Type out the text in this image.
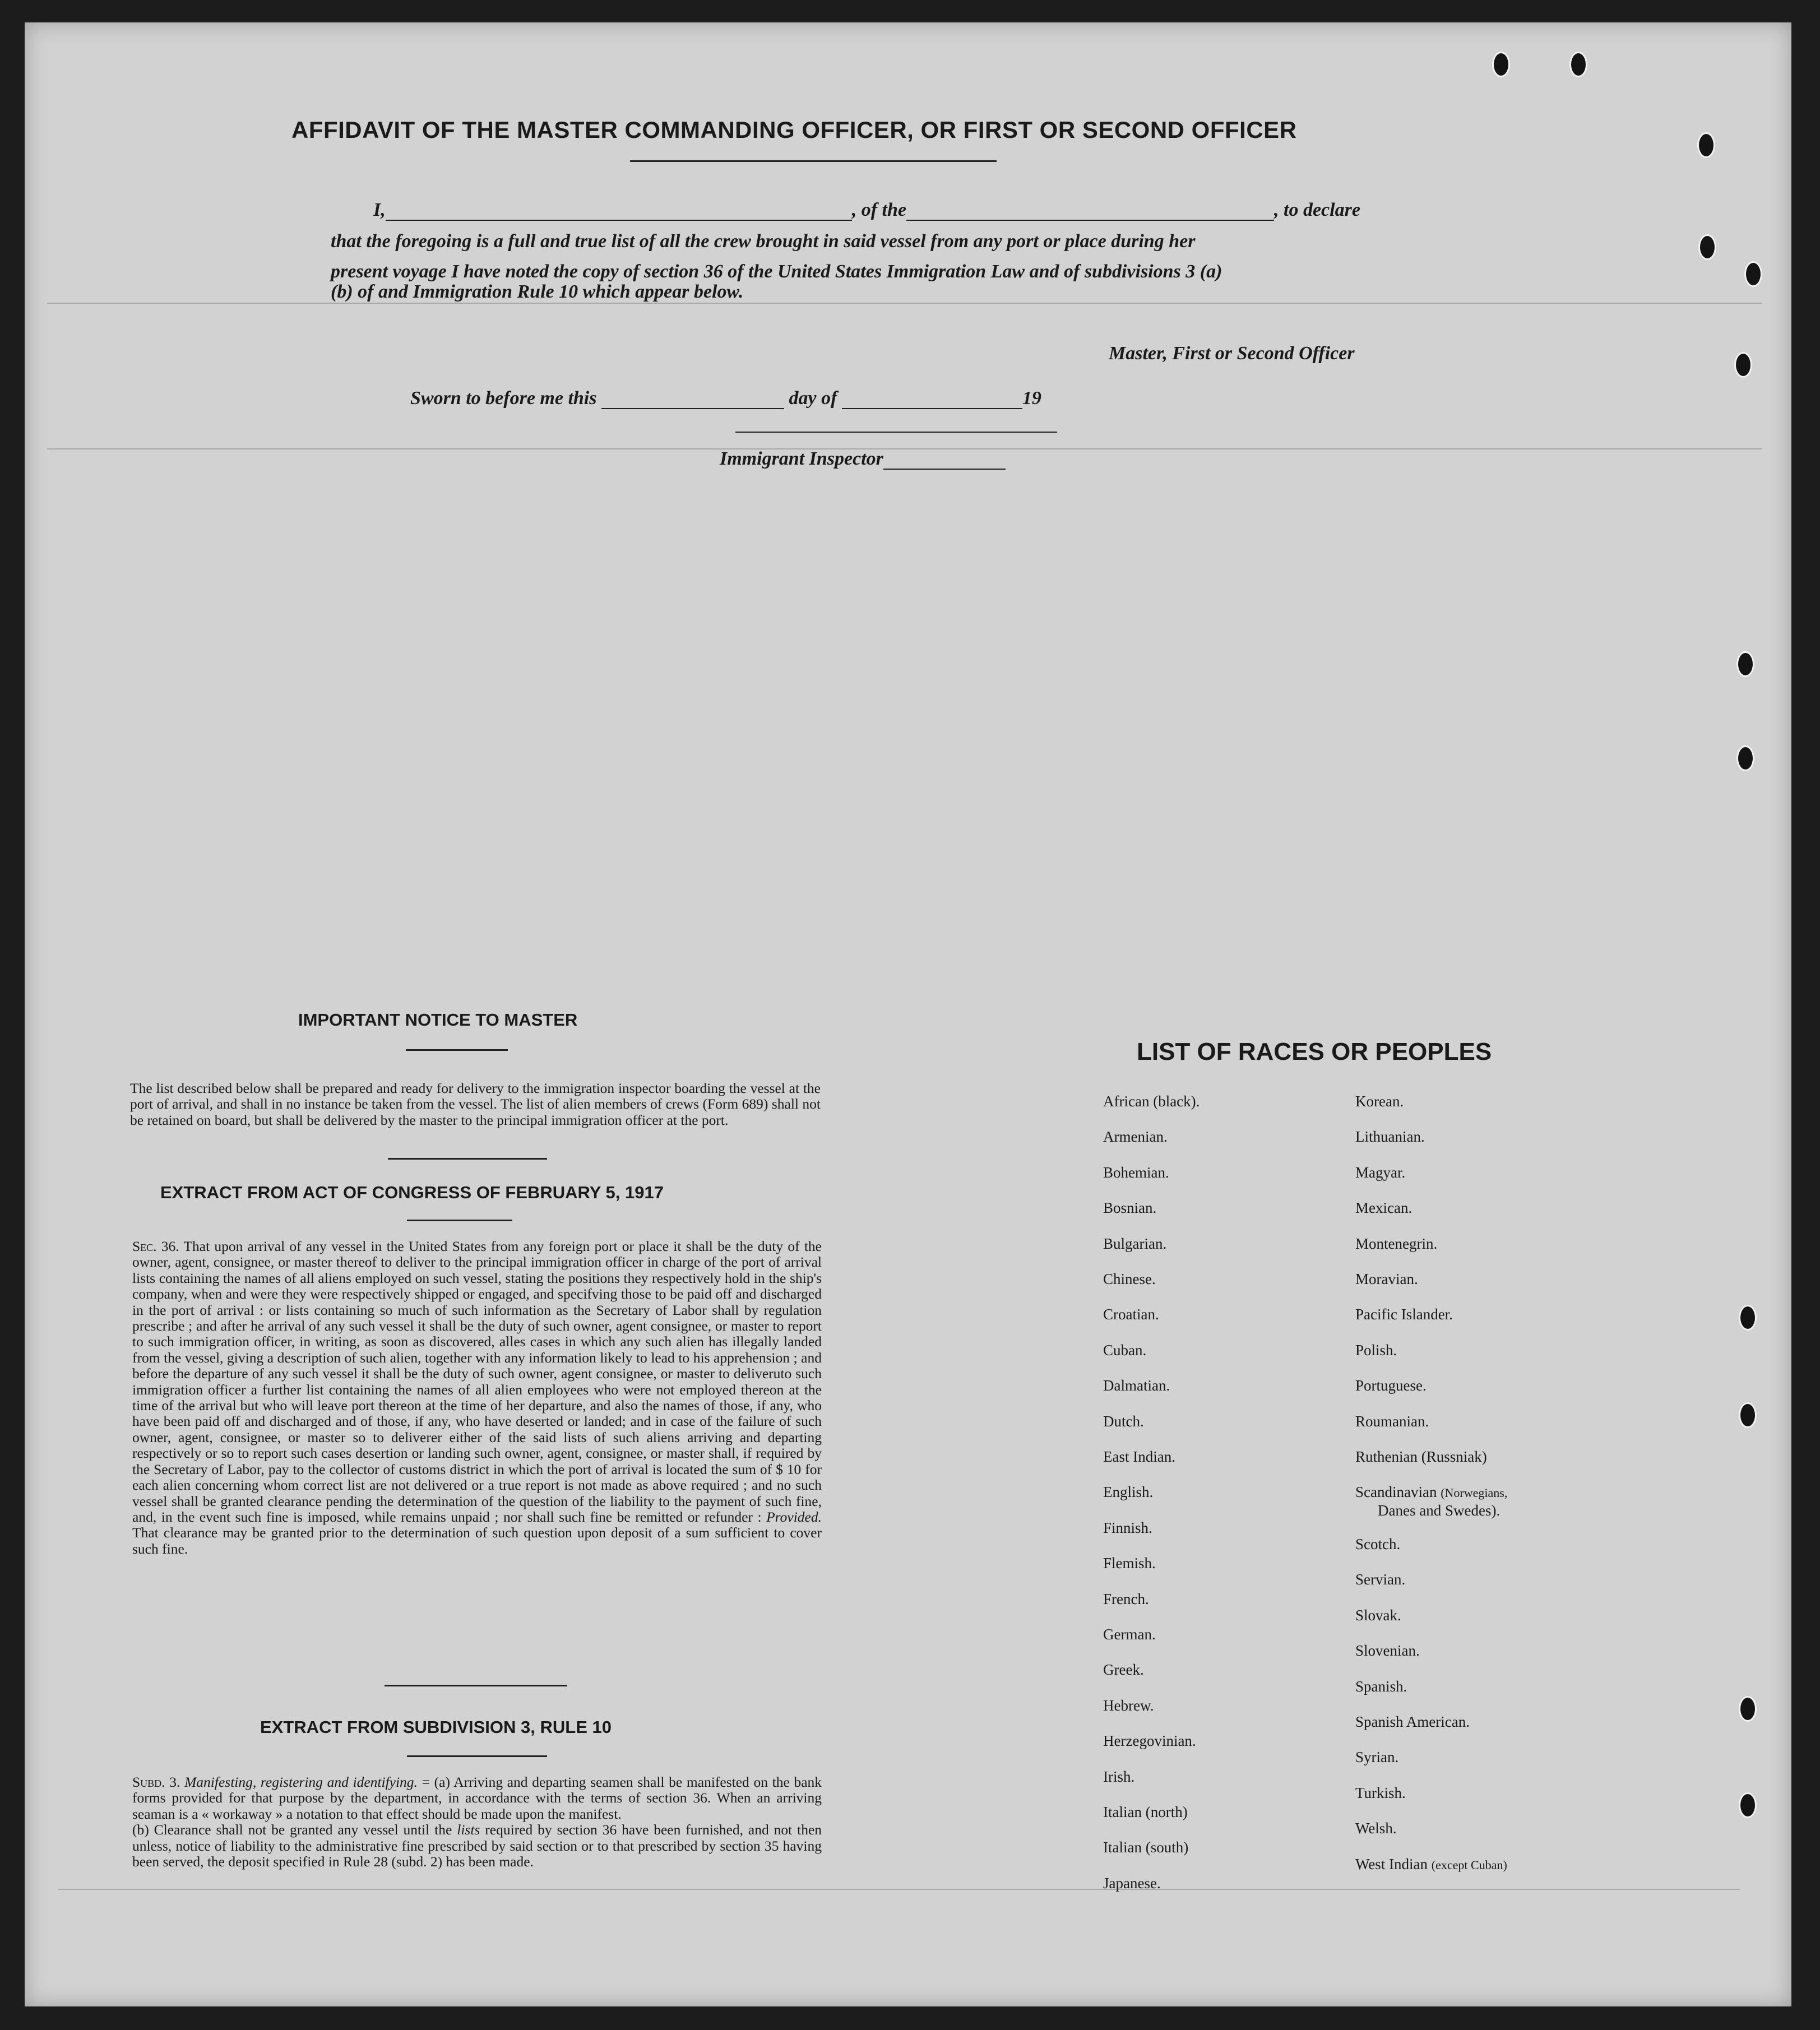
AFFIDAVIT OF THE MASTER COMMANDING OFFICER, OR FIRST OR SECOND OFFICER
I,	, of the	, to declare
that the foregoing is a full and true list of all the crew brought in said vessel from any port or place during her
present voyage I have noted the copy of section 36 of the United States Immigration Law and of subdivisions 3 (a)
(b) of and Immigration Rule 10 which appear below.
Master, First or Second Officer
Sworn to before me this	day of	19
Immigrant Inspector
IMPORTANT NOTICE TO MASTER
The list described below shall be prepared and ready for delivery to the immigration inspector boarding the vessel at the port of arrival, and shall in no instance be taken from the vessel. The list of alien members of crews (Form 689) shall not be retained on board, but shall be delivered by the master to the principal immigration officer at the port.
EXTRACT FROM ACT OF CONGRESS OF FEBRUARY 5, 1917

Sec. 36. That upon arrival of any vessel in the United States from any foreign port or place it shall be the duty of the owner, agent, consignee, or master thereof to deliver to the principal immigration officer in charge of the port of arrival lists containing the names of all aliens employed on such vessel, stating the positions they respectively hold in the ship's company, when and were they were respectively shipped or engaged, and specifving those to be paid off and discharged in the port of arrival : or lists containing so much of such information as the Secretary of Labor shall by regulation prescribe ; and after he arrival of any such vessel it shall be the duty of such owner, agent consignee, or master to report to such immigration officer, in writing, as soon as discovered, alles cases in which any such alien has illegally landed from the vessel, giving a description of such alien, together with any information likely to lead to his apprehension ; and before the departure of any such vessel it shall be the duty of such owner, agent consignee, or master to deliveruto such immigration officer a further list containing the names of all alien employees who were not employed thereon at the time of the arrival but who will leave port thereon at the time of her departure, and also the names of those, if any, who have been paid off and discharged and of those, if any, who have deserted or landed; and in case of the failure of such owner, agent, consignee, or master so to deliverer either of the said lists of such aliens arriving and departing respectively or so to report such cases desertion or landing such owner, agent, consignee, or master shall, if required by the Secretary of Labor, pay to the collector of customs district in which the port of arrival is located the sum of $ 10 for each alien concerning whom correct list are not delivered or a true report is not made as above required ; and no such vessel shall be granted clearance pending the determination of the question of the liability to the payment of such fine, and, in the event such fine is imposed, while remains unpaid ; nor shall such fine be remitted or refunder : Provided. That clearance may be granted prior to the determination of such question upon deposit of a sum sufficient to cover such fine.

EXTRACT FROM SUBDIVISION 3, RULE 10

Subd. 3. Manifesting, registering and identifying. = (a) Arriving and departing seamen shall be manifested on the bank forms provided for that purpose by the department, in accordance with the terms of section 36. When an arriving seaman is a « workaway » a notation to that effect should be made upon the manifest.

(b) Clearance shall not be granted any vessel until the lists required by section 36 have been furnished, and not then unless, notice of liability to the administrative fine prescribed by said section or to that prescribed by section 35 having been served, the deposit specified in Rule 28 (subd. 2) has been made.

LIST OF RACES OR PEOPLES
African (black).
Armenian.
Bohemian.
Bosnian.
Bulgarian.
Chinese.
Croatian.
Cuban.
Dalmatian.
Dutch.
East Indian.
English.
Finnish.
Flemish.
French.
German.
Greek.
Hebrew.
Herzegovinian.
Irish.
Italian (north)
Italian (south)
Japanese.
Korean.
Lithuanian.
Magyar.
Mexican.
Montenegrin.
Moravian.
Pacific Islander.
Polish.
Portuguese.
Roumanian.
Ruthenian (Russniak)
Scandinavian (Norwegians,
Danes and Swedes).
Scotch.
Servian.
Slovak.
Slovenian.
Spanish.
Spanish American.
Syrian.
Turkish.
Welsh.
West Indian (except Cuban)
